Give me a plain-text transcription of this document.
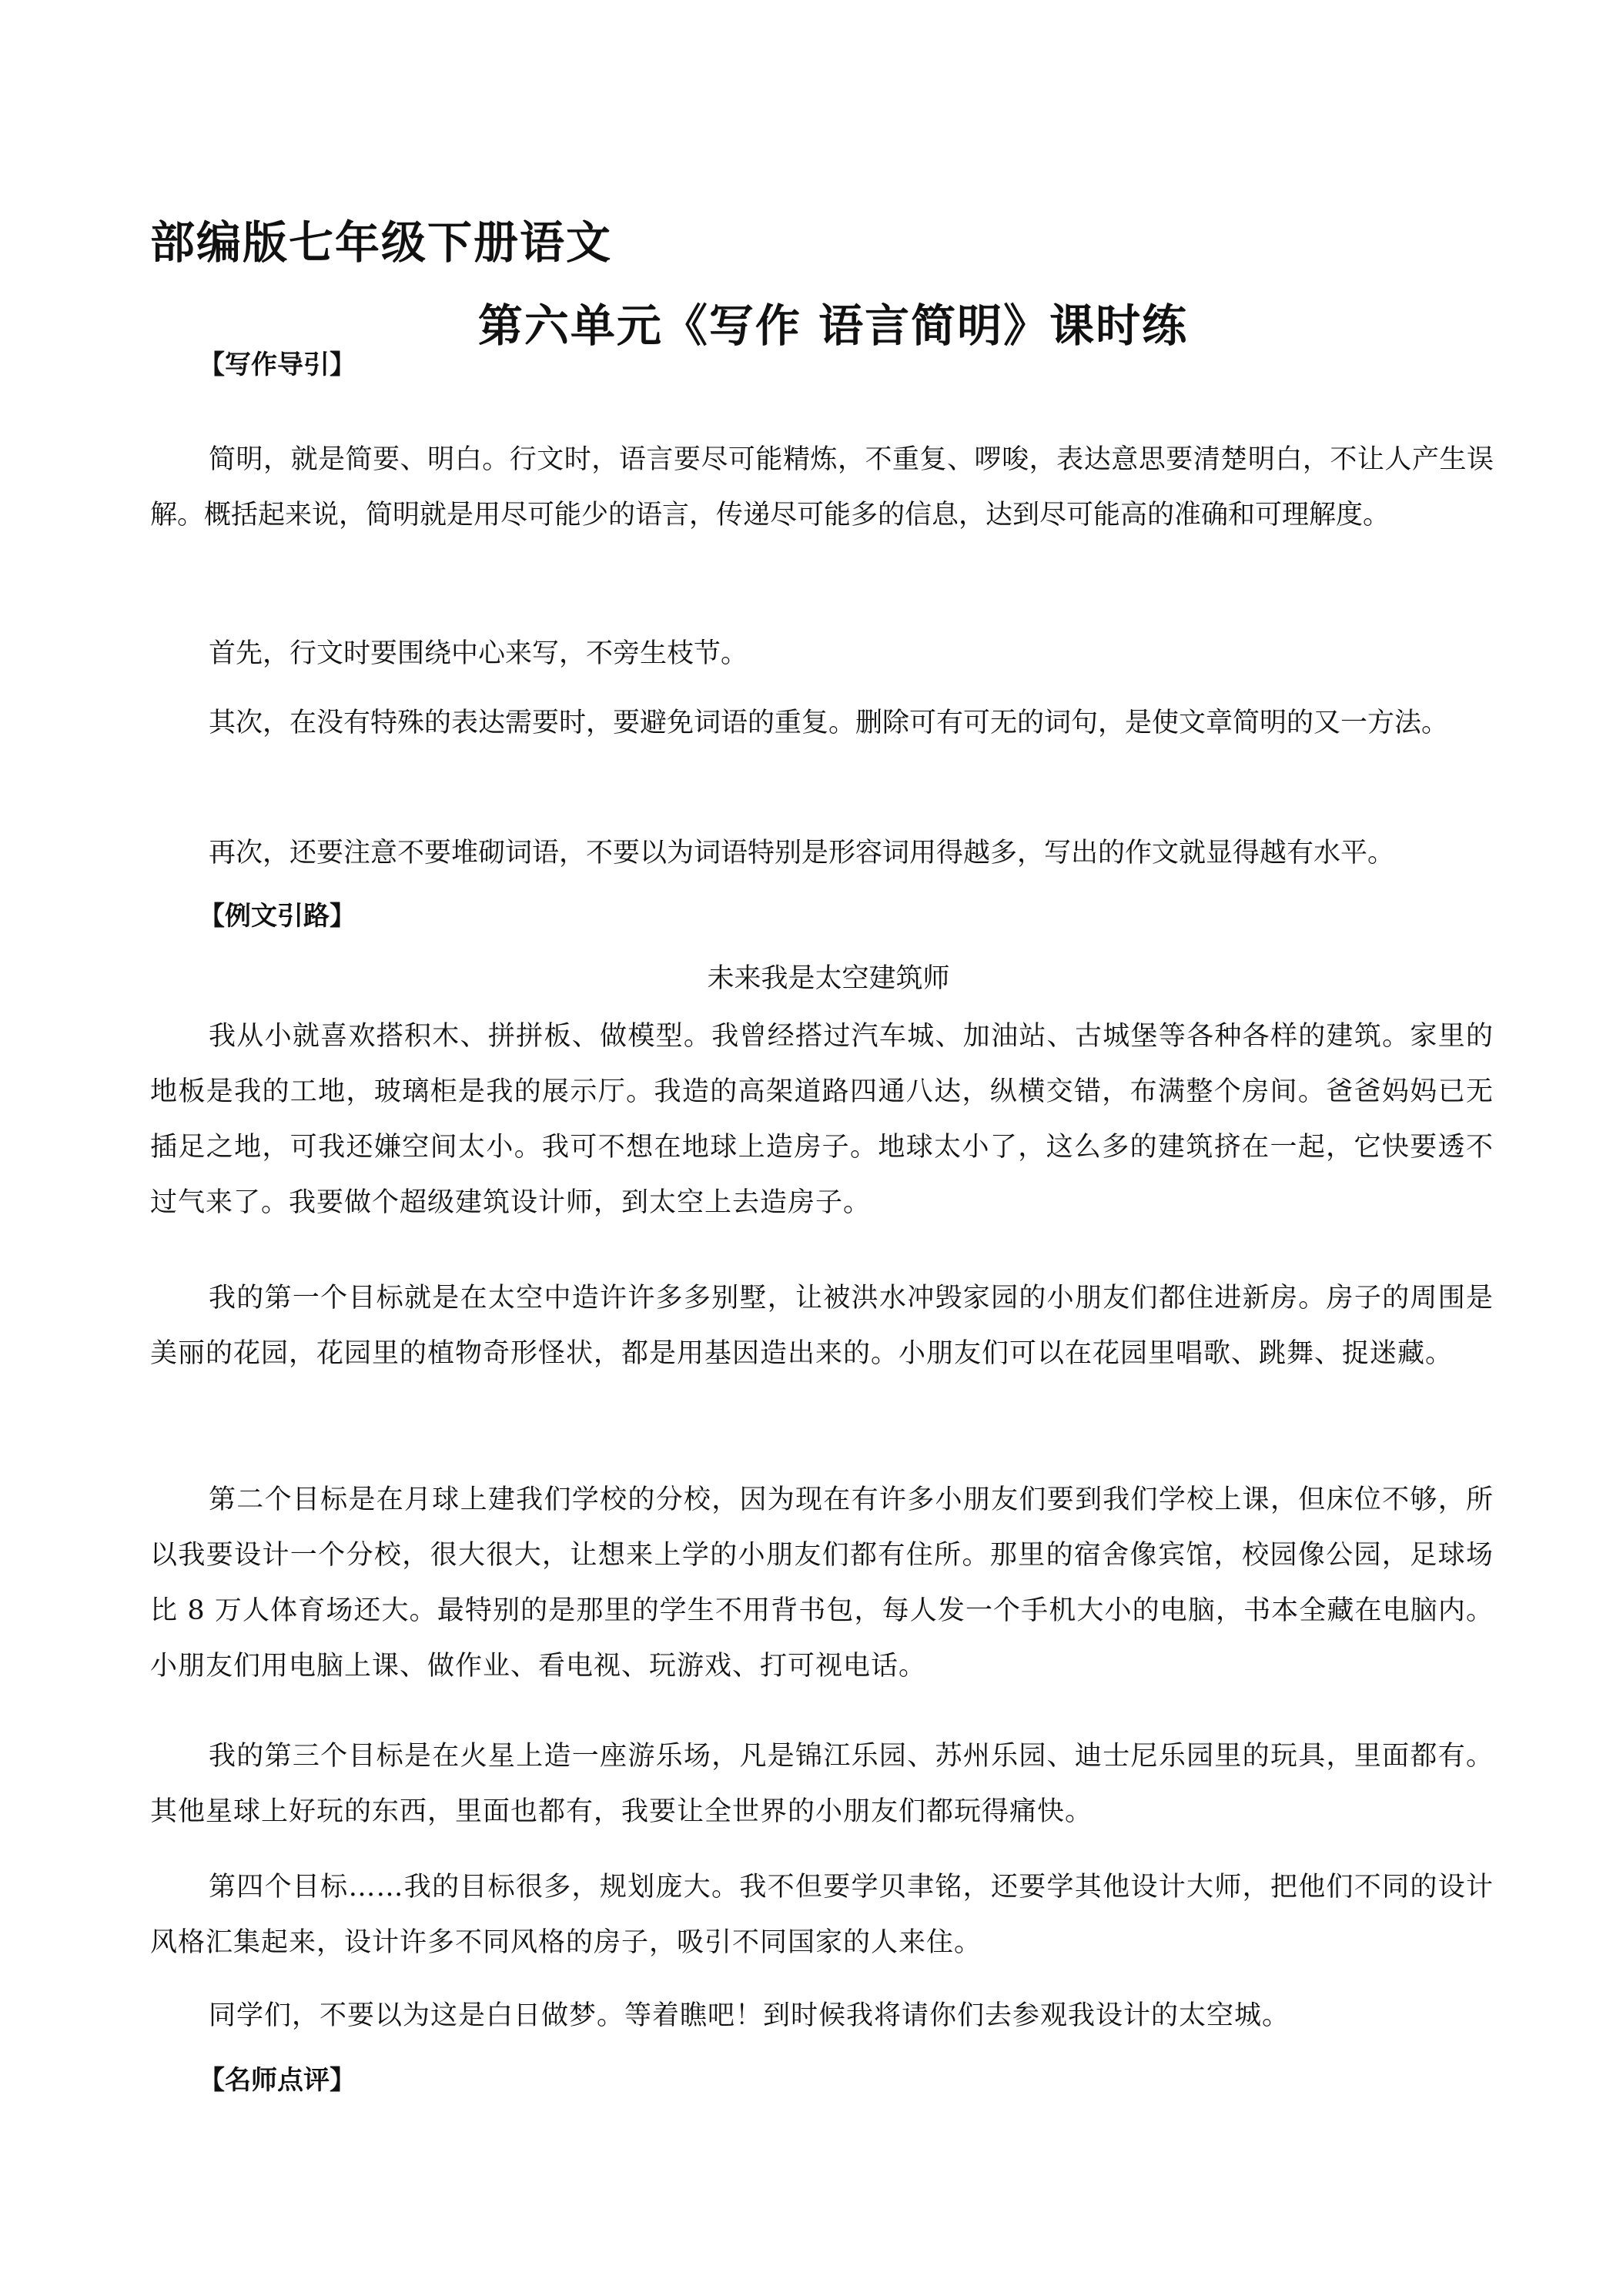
部编版七年级下册语文
第六单元《写作 语言简明》课时练
【写作导引】

简明，就是简要、明白。行文时，语言要尽可能精炼，不重复、啰唆，表达意思要清楚明白，不让人产生误解。概括起来说，简明就是用尽可能少的语言，传递尽可能多的信息，达到尽可能高的准确和可理解度。

首先，行文时要围绕中心来写，不旁生枝节。

其次，在没有特殊的表达需要时，要避免词语的重复。删除可有可无的词句，是使文章简明的又一方法。

再次，还要注意不要堆砌词语，不要以为词语特别是形容词用得越多，写出的作文就显得越有水平。

【例文引路】
未来我是太空建筑师

我从小就喜欢搭积木、拼拼板、做模型。我曾经搭过汽车城、加油站、古城堡等各种各样的建筑。家里的地板是我的工地，玻璃柜是我的展示厅。我造的高架道路四通八达，纵横交错，布满整个房间。爸爸妈妈已无插足之地，可我还嫌空间太小。我可不想在地球上造房子。地球太小了，这么多的建筑挤在一起，它快要透不过气来了。我要做个超级建筑设计师，到太空上去造房子。

我的第一个目标就是在太空中造许许多多别墅，让被洪水冲毁家园的小朋友们都住进新房。房子的周围是美丽的花园，花园里的植物奇形怪状，都是用基因造出来的。小朋友们可以在花园里唱歌、跳舞、捉迷藏。

第二个目标是在月球上建我们学校的分校，因为现在有许多小朋友们要到我们学校上课，但床位不够，所以我要设计一个分校，很大很大，让想来上学的小朋友们都有住所。那里的宿舍像宾馆，校园像公园，足球场比 8 万人体育场还大。最特别的是那里的学生不用背书包，每人发一个手机大小的电脑，书本全藏在电脑内。小朋友们用电脑上课、做作业、看电视、玩游戏、打可视电话。

我的第三个目标是在火星上造一座游乐场，凡是锦江乐园、苏州乐园、迪士尼乐园里的玩具，里面都有。其他星球上好玩的东西，里面也都有，我要让全世界的小朋友们都玩得痛快。

第四个目标……我的目标很多，规划庞大。我不但要学贝聿铭，还要学其他设计大师，把他们不同的设计风格汇集起来，设计许多不同风格的房子，吸引不同国家的人来住。

同学们，不要以为这是白日做梦。等着瞧吧！到时候我将请你们去参观我设计的太空城。

【名师点评】
